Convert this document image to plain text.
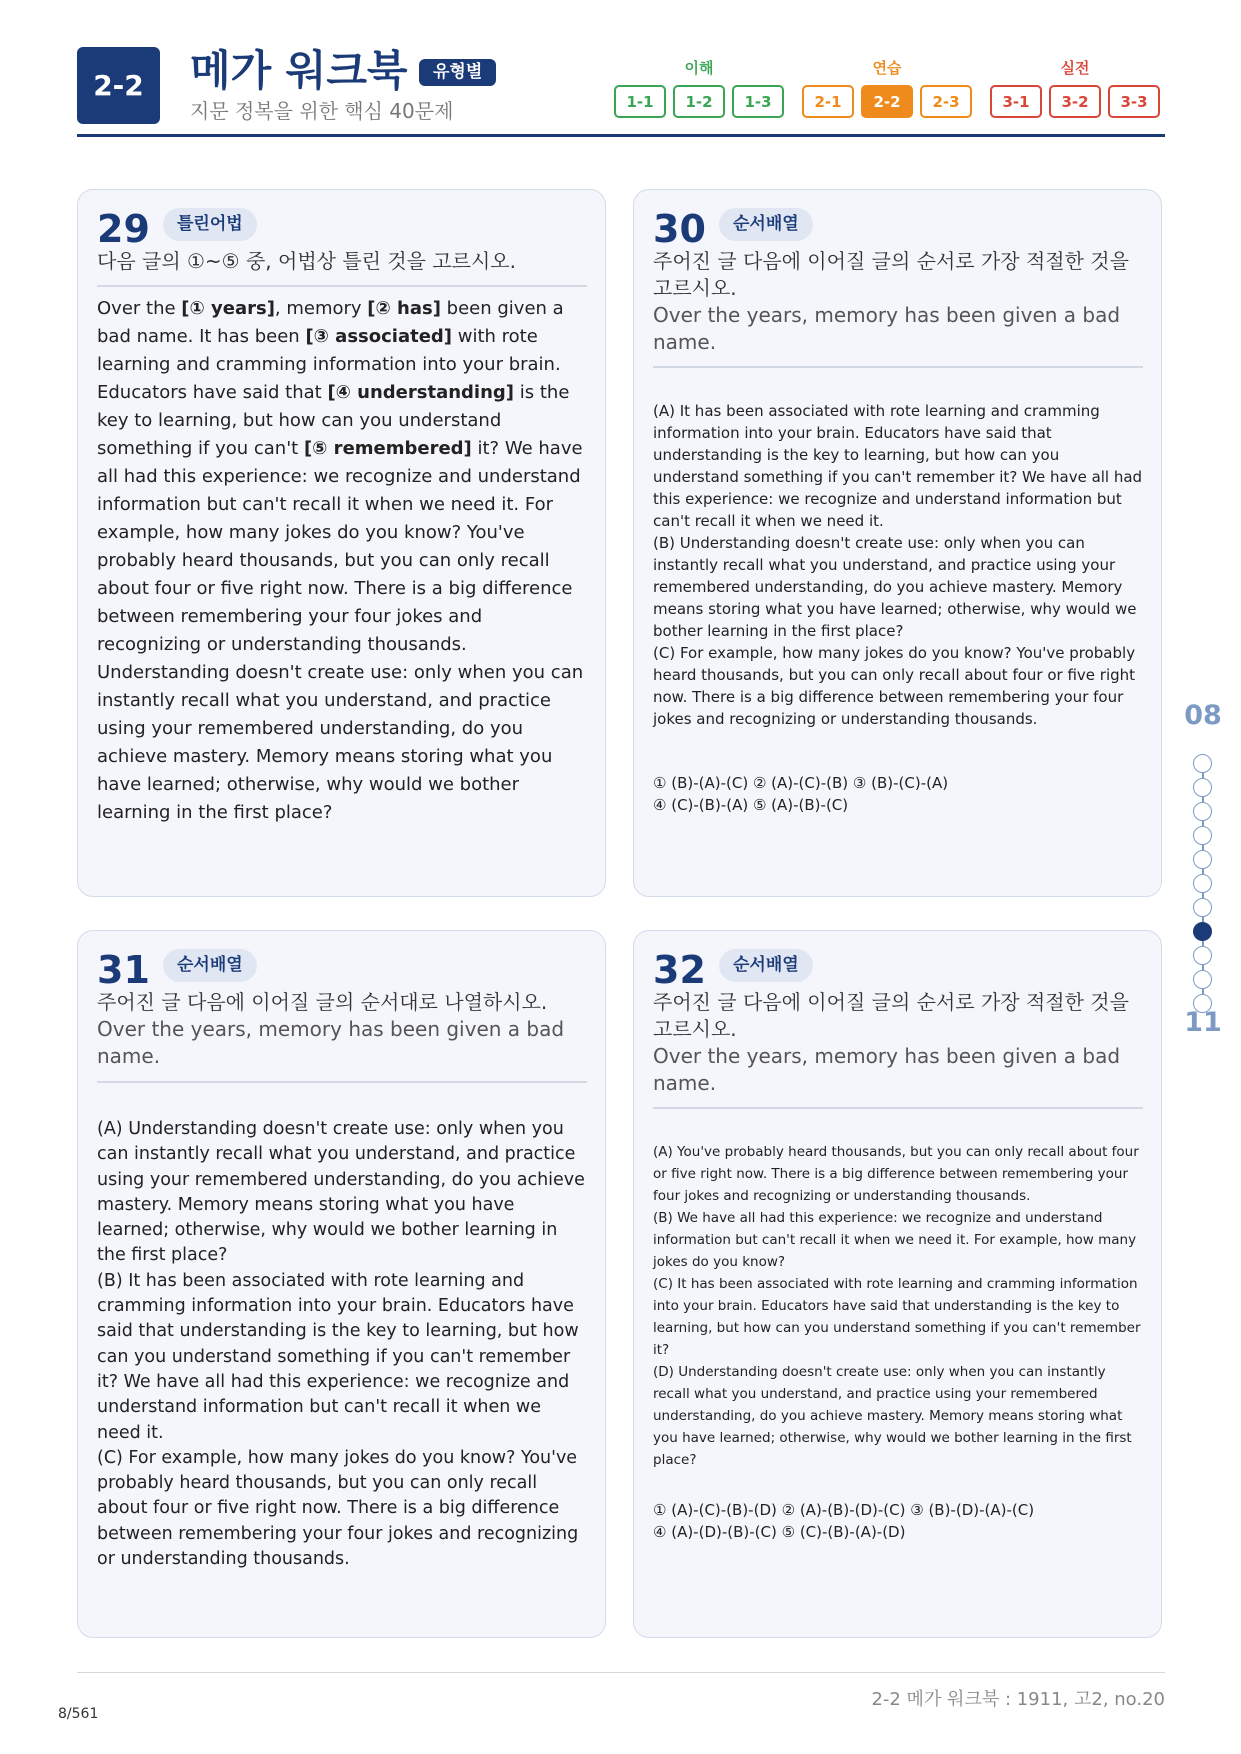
2-2	메가 워크북	유형별
지문 정복을 위한 핵심 40문제
이해
1-1	1-2	1-3
연습
2-1	2-2	2-3
실전
3-1	3-2	3-3
29	틀린어법
다음 글의 ①~⑤ 중, 어법상 틀린 것을 고르시오.
Over the [① years], memory [② has] been given a bad name. It has been [③ associated] with rote learning and cramming information into your brain. Educators have said that [④ understanding] is the key to learning, but how can you understand something if you can't [⑤ remembered] it? We have all had this experience: we recognize and understand information but can't recall it when we need it. For example, how many jokes do you know? You've probably heard thousands, but you can only recall about four or five right now. There is a big difference between remembering your four jokes and recognizing or understanding thousands. Understanding doesn't create use: only when you can instantly recall what you understand, and practice using your remembered understanding, do you achieve mastery. Memory means storing what you have learned; otherwise, why would we bother learning in the first place?
30	순서배열
주어진 글 다음에 이어질 글의 순서로 가장 적절한 것을 고르시오.
Over the years, memory has been given a bad name.
(A) It has been associated with rote learning and cramming information into your brain. Educators have said that understanding is the key to learning, but how can you understand something if you can't remember it? We have all had this experience: we recognize and understand information but can't recall it when we need it.
(B) Understanding doesn't create use: only when you can instantly recall what you understand, and practice using your remembered understanding, do you achieve mastery. Memory means storing what you have learned; otherwise, why would we bother learning in the first place?
(C) For example, how many jokes do you know? You've probably heard thousands, but you can only recall about four or five right now. There is a big difference between remembering your four jokes and recognizing or understanding thousands.
① (B)-(A)-(C) ② (A)-(C)-(B) ③ (B)-(C)-(A)
④ (C)-(B)-(A) ⑤ (A)-(B)-(C)
31	순서배열
주어진 글 다음에 이어질 글의 순서대로 나열하시오.
Over the years, memory has been given a bad name.
(A) Understanding doesn't create use: only when you can instantly recall what you understand, and practice using your remembered understanding, do you achieve mastery. Memory means storing what you have learned; otherwise, why would we bother learning in the first place?
(B) It has been associated with rote learning and cramming information into your brain. Educators have said that understanding is the key to learning, but how can you understand something if you can't remember it? We have all had this experience: we recognize and understand information but can't recall it when we need it.
(C) For example, how many jokes do you know? You've probably heard thousands, but you can only recall about four or five right now. There is a big difference between remembering your four jokes and recognizing or understanding thousands.
32	순서배열
주어진 글 다음에 이어질 글의 순서로 가장 적절한 것을 고르시오.
Over the years, memory has been given a bad name.
(A) You've probably heard thousands, but you can only recall about four or five right now. There is a big difference between remembering your four jokes and recognizing or understanding thousands.
(B) We have all had this experience: we recognize and understand information but can't recall it when we need it. For example, how many jokes do you know?
(C) It has been associated with rote learning and cramming information into your brain. Educators have said that understanding is the key to learning, but how can you understand something if you can't remember it?
(D) Understanding doesn't create use: only when you can instantly recall what you understand, and practice using your remembered understanding, do you achieve mastery. Memory means storing what you have learned; otherwise, why would we bother learning in the first place?
① (A)-(C)-(B)-(D) ② (A)-(B)-(D)-(C) ③ (B)-(D)-(A)-(C)
④ (A)-(D)-(B)-(C) ⑤ (C)-(B)-(A)-(D)
08
11
2-2 메가 워크북 : 1911, 고2, no.20
8/561
